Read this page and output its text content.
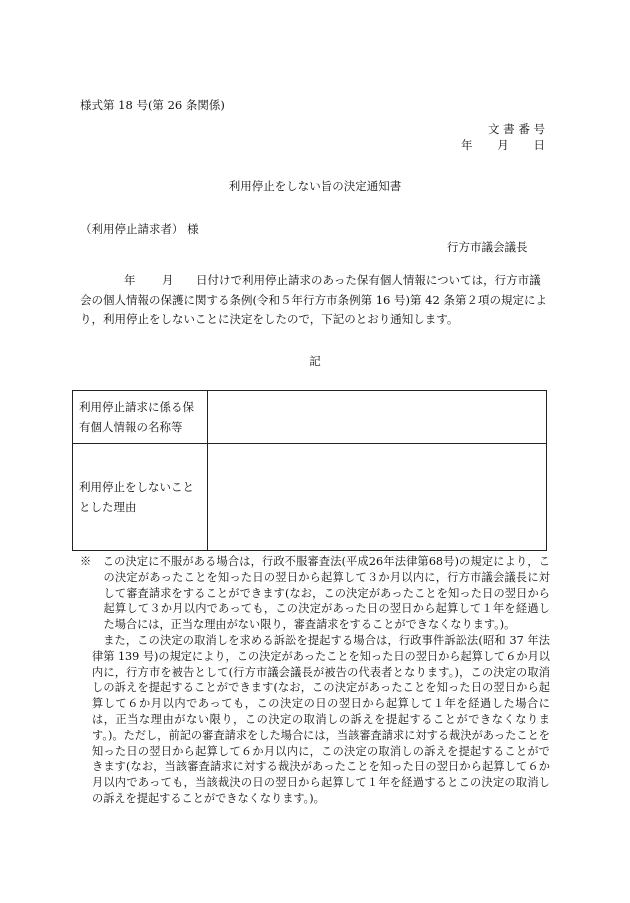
様式第 18 号(第 26 条関係)
文 書 番 号
年 月 日
利用停止をしない旨の決定通知書
（利用停止請求者） 様
行方市議会議長
年 月 日付けで利用停止請求のあった保有個人情報については，行方市議
会の個人情報の保護に関する条例(令和５年行方市条例第 16 号)第 42 条第２項の規定により，利用停止をしないことに決定をしたので，下記のとおり通知します。
記
利用停止請求に係る保
有個人情報の名称等	

利用停止をしないこと
とした理由	

※　 この決定に不服がある場合は，行政不服審査法(平成26年法律第68号)の規定により，この決定があったことを知った日の翌日から起算して３か月以内に，行方市議会議長に対して審査請求をすることができます(なお，この決定があったことを知った日の翌日から起算して３か月以内であっても，この決定があった日の翌日から起算して１年を経過した場合には，正当な理由がない限り，審査請求をすることができなくなります。)。

また，この決定の取消しを求める訴訟を提起する場合は，行政事件訴訟法(昭和 37 年法律第 139 号)の規定により，この決定があったことを知った日の翌日から起算して６か月以内に，行方市を被告として(行方市議会議長が被告の代表者となります。)，この決定の取消しの訴えを提起することができます(なお，この決定があったことを知った日の翌日から起算して６か月以内であっても，この決定の日の翌日から起算して１年を経過した場合には，正当な理由がない限り，この決定の取消しの訴えを提起することができなくなります。)。ただし，前記の審査請求をした場合には，当該審査請求に対する裁決があったことを知った日の翌日から起算して６か月以内に，この決定の取消しの訴えを提起することができます(なお，当該審査請求に対する裁決があったことを知った日の翌日から起算して６か月以内であっても，当該裁決の日の翌日から起算して１年を経過するとこの決定の取消しの訴えを提起することができなくなります。)。
